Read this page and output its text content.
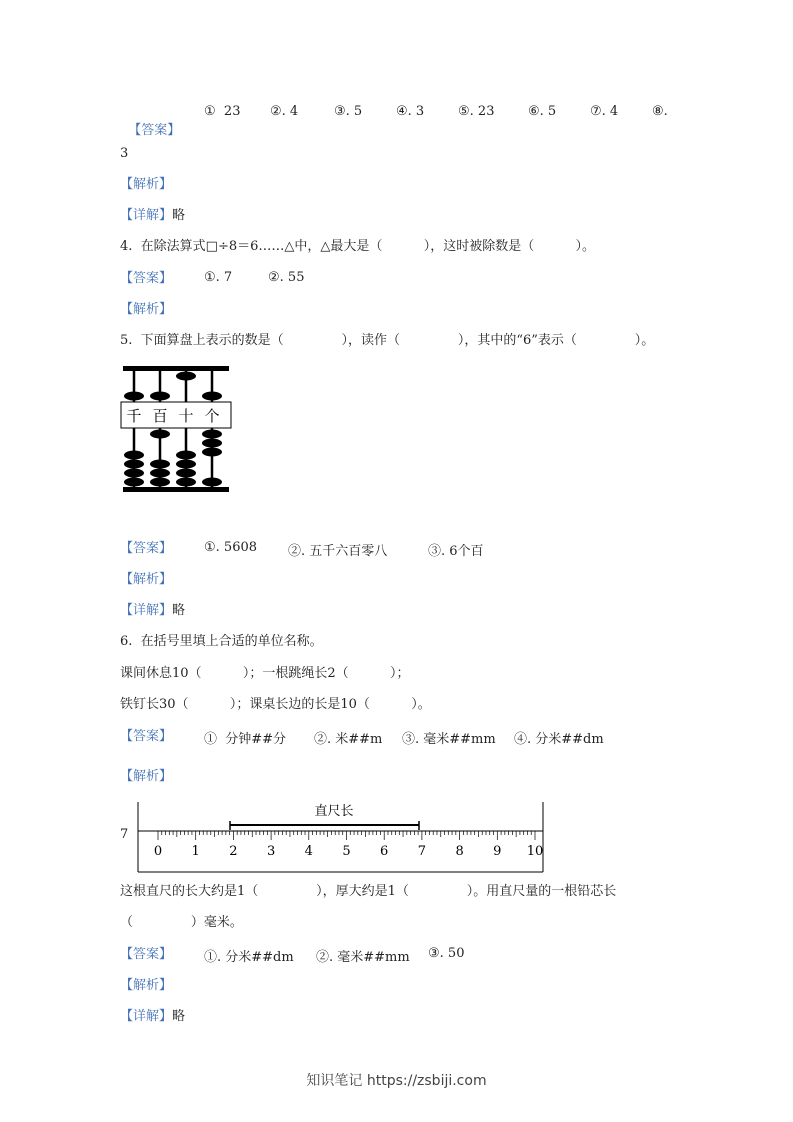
【答案】

①  23 ②. 4	③. 5	④. 3	⑤. 23	⑥. 5	⑦. 4	⑧.
3
【解析】
【详解】略
4.  在除法算式□÷8＝6……△中，△最大是（          ），这时被除数是（          ）。
【答案】 ①. 7	②. 55
【解析】
5.  下面算盘上表示的数是（              ），读作（              ），其中的“6”表示（              ）。
千 百 十 个
【答案】 ①. 5608 ②. 五千六百零八	③. 6个百
【解析】
【详解】略
6.  在括号里填上合适的单位名称。
课间休息10（          ）；一根跳绳长2（          ）；
铁钉长30（          ）；课桌长边的长是10（          ）。
【答案】 ①  分钟##分 ②. 米##m ③. 毫米##mm ④. 分米##dm
【解析】
7
直尺长
0 1 2 3 4 5 6 7 8 9 10
这根直尺的长大约是1（              ），厚大约是1（              ）。用直尺量的一根铅芯长
（              ）毫米。
【答案】 ①. 分米##dm ②. 毫米##mm ③. 50
【解析】
【详解】略
知识笔记 https://zsbiji.com
